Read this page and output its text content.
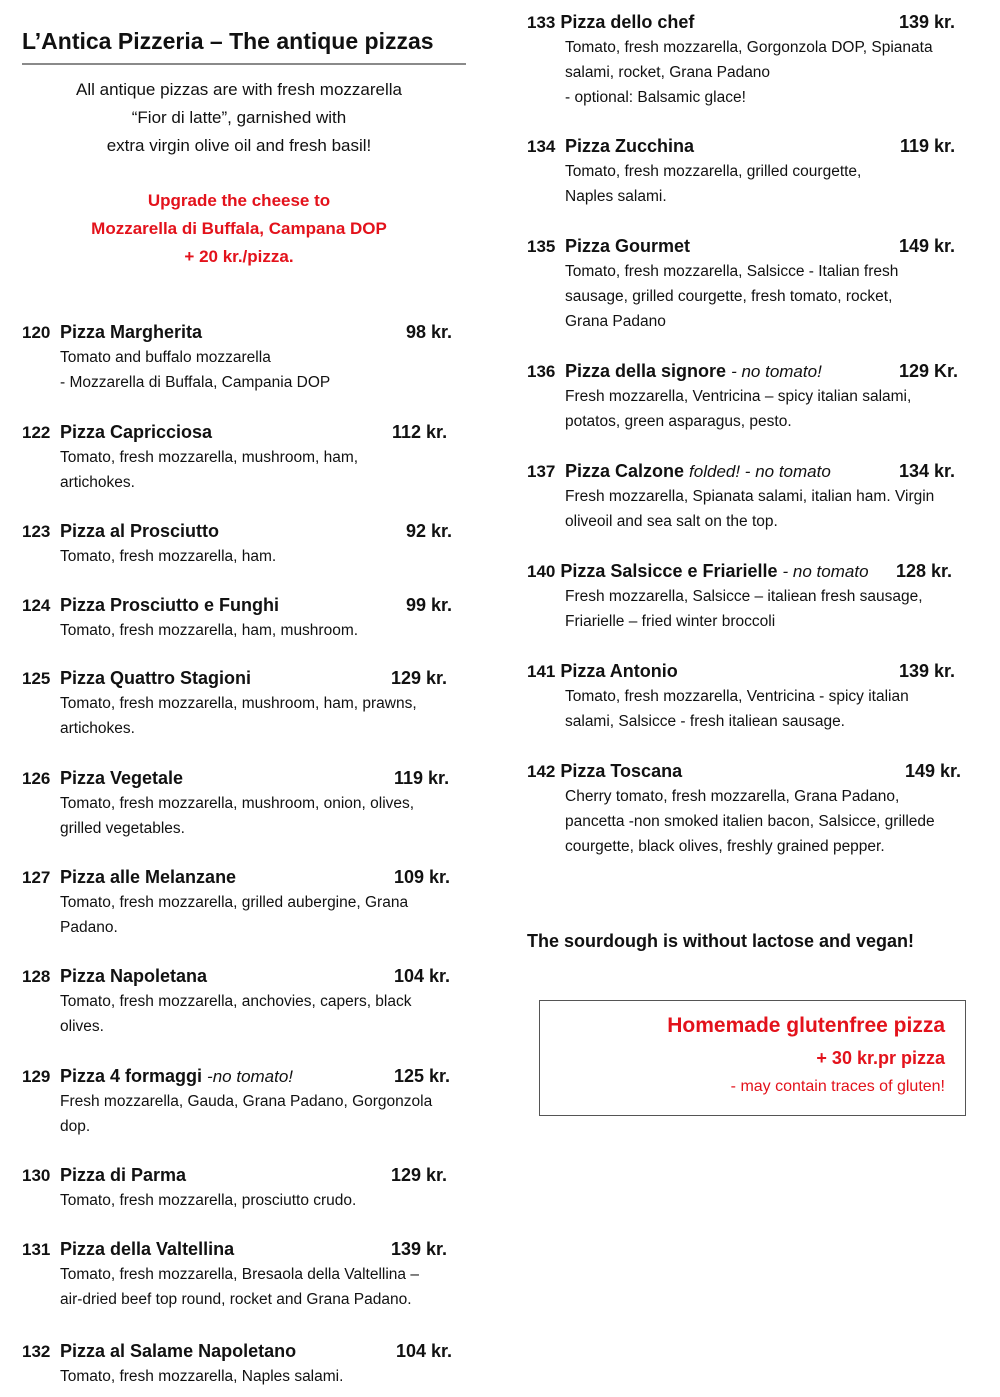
L’Antica Pizzeria – The antique pizzas

All antique pizzas are with fresh mozzarella

“Fior di latte”, garnished with

extra virgin olive oil and fresh basil!

Upgrade the cheese to

Mozzarella di Buffala, Campana DOP

+ 20 kr./pizza.

120 Pizza Margherita	98 kr.

Tomato and buffalo mozzarella

- Mozzarella di Buffala, Campania DOP

122 Pizza Capricciosa	112 kr.

Tomato, fresh mozzarella, mushroom, ham,

artichokes.

123 Pizza al Prosciutto	92 kr.

Tomato, fresh mozzarella, ham.

124 Pizza Prosciutto e Funghi	99 kr.

Tomato, fresh mozzarella, ham, mushroom.

125 Pizza Quattro Stagioni	129 kr.

Tomato, fresh mozzarella, mushroom, ham, prawns,

artichokes.

126 Pizza Vegetale	119 kr.

Tomato, fresh mozzarella, mushroom, onion, olives,

grilled vegetables.

127 Pizza alle Melanzane	109 kr.

Tomato, fresh mozzarella, grilled aubergine, Grana

Padano.

128 Pizza Napoletana	104 kr.

Tomato, fresh mozzarella, anchovies, capers, black

olives.

129 Pizza 4 formaggi -no tomato!	125 kr.

Fresh mozzarella, Gauda, Grana Padano, Gorgonzola

dop.

130 Pizza di Parma	129 kr.

Tomato, fresh mozzarella, prosciutto crudo.

131 Pizza della Valtellina	139 kr.

Tomato, fresh mozzarella, Bresaola della Valtellina –

air-dried beef top round, rocket and Grana Padano.

132 Pizza al Salame Napoletano	104 kr.

Tomato, fresh mozzarella, Naples salami.

133 Pizza dello chef	139 kr.

Tomato, fresh mozzarella, Gorgonzola DOP, Spianata

salami, rocket, Grana Padano

- optional: Balsamic glace!

134 Pizza Zucchina	119 kr.

Tomato, fresh mozzarella, grilled courgette,

Naples salami.

135 Pizza Gourmet	149 kr.

Tomato, fresh mozzarella, Salsicce - Italian fresh

sausage, grilled courgette, fresh tomato, rocket,

Grana Padano

136 Pizza della signore - no tomato!	129 Kr.

Fresh mozzarella, Ventricina – spicy italian salami,

potatos, green asparagus, pesto.

137 Pizza Calzone folded! - no tomato	134 kr.

Fresh mozzarella, Spianata salami, italian ham. Virgin

oliveoil and sea salt on the top.

140 Pizza Salsicce e Friarielle - no tomato 128 kr.

Fresh mozzarella, Salsicce – italiean fresh sausage,

Friarielle – fried winter broccoli

141 Pizza Antonio	139 kr.

Tomato, fresh mozzarella, Ventricina - spicy italian

salami, Salsicce - fresh italiean sausage.

142 Pizza Toscana	149 kr.

Cherry tomato, fresh mozzarella, Grana Padano,

pancetta -non smoked italien bacon, Salsicce, grillede

courgette, black olives, freshly grained pepper.

The sourdough is without lactose and vegan!

Homemade glutenfree pizza

+ 30 kr.pr pizza

- may contain traces of gluten!
